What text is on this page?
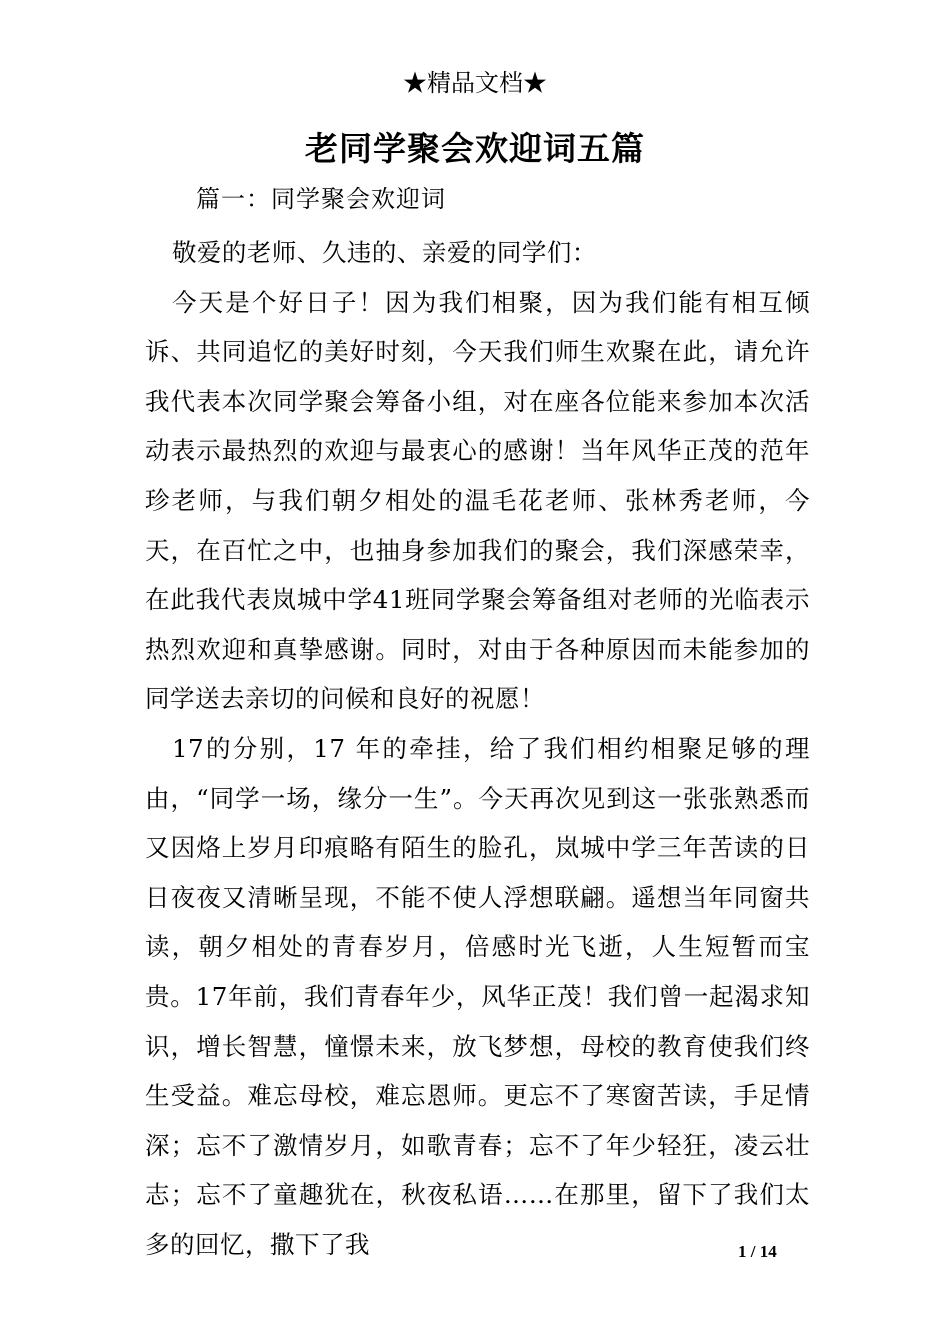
★精品文档★
老同学聚会欢迎词五篇
篇一：同学聚会欢迎词

敬爱的老师、久违的、亲爱的同学们：

今天是个好日子！因为我们相聚，因为我们能有相互倾诉、共同追忆的美好时刻，今天我们师生欢聚在此，请允许我代表本次同学聚会筹备小组，对在座各位能来参加本次活动表示最热烈的欢迎与最衷心的感谢！当年风华正茂的范年珍老师，与我们朝夕相处的温毛花老师、张林秀老师，今天，在百忙之中，也抽身参加我们的聚会，我们深感荣幸，在此我代表岚城中学41班同学聚会筹备组对老师的光临表示热烈欢迎和真挚感谢。同时，对由于各种原因而未能参加的同学送去亲切的问候和良好的祝愿！

17的分别，17 年的牵挂，给了我们相约相聚足够的理由，“同学一场，缘分一生”。今天再次见到这一张张熟悉而又因烙上岁月印痕略有陌生的脸孔，岚城中学三年苦读的日日夜夜又清晰呈现，不能不使人浮想联翩。遥想当年同窗共读，朝夕相处的青春岁月，倍感时光飞逝，人生短暂而宝贵。17年前，我们青春年少，风华正茂！我们曾一起渴求知识，增长智慧，憧憬未来，放飞梦想，母校的教育使我们终生受益。难忘母校，难忘恩师。更忘不了寒窗苦读，手足情深；忘不了激情岁月，如歌青春；忘不了年少轻狂，凌云壮志；忘不了童趣犹在，秋夜私语……在那里，留下了我们太多的回忆，撒下了我	1 / 14
